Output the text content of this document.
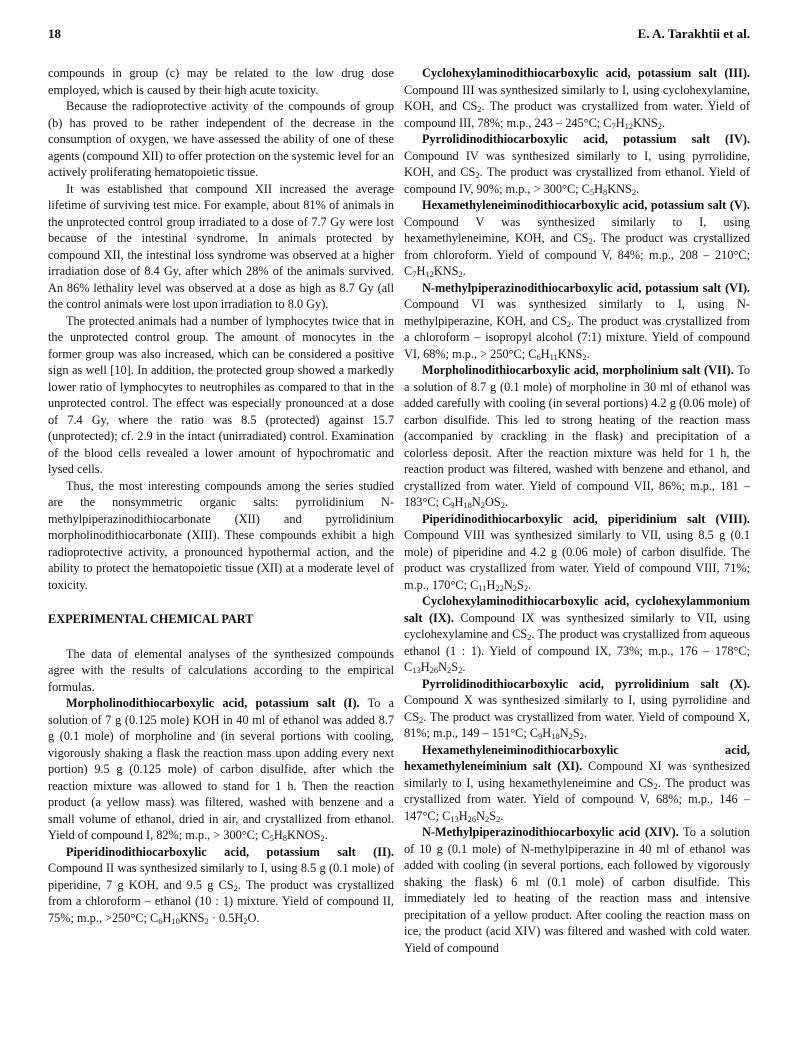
18	E. A. Tarakhtii et al.

compounds in group (c) may be related to the low drug dose employed, which is caused by their high acute toxicity.

Because the radioprotective activity of the compounds of group (b) has proved to be rather independent of the decrease in the consumption of oxygen, we have assessed the ability of one of these agents (compound XII) to offer protection on the systemic level for an actively proliferating hematopoietic tissue.

It was established that compound XII increased the average lifetime of surviving test mice. For example, about 81% of animals in the unprotected control group irradiated to a dose of 7.7 Gy were lost because of the intestinal syndrome. In animals protected by compound XII, the intestinal loss syndrome was observed at a higher irradiation dose of 8.4 Gy, after which 28% of the animals survived. An 86% lethality level was observed at a dose as high as 8.7 Gy (all the control animals were lost upon irradiation to 8.0 Gy).

The protected animals had a number of lymphocytes twice that in the unprotected control group. The amount of monocytes in the former group was also increased, which can be considered a positive sign as well [10]. In addition, the protected group showed a markedly lower ratio of lymphocytes to neutrophiles as compared to that in the unprotected control. The effect was especially pronounced at a dose of 7.4 Gy, where the ratio was 8.5 (protected) against 15.7 (unprotected); cf. 2.9 in the intact (unirradiated) control. Examination of the blood cells revealed a lower amount of hypochromatic and lysed cells.

Thus, the most interesting compounds among the series studied are the nonsymmetric organic salts: pyrrolidinium N-methylpiperazinodithiocarbonate (XII) and pyrrolidinium morpholinodithiocarbonate (XIII). These compounds exhibit a high radioprotective activity, a pronounced hypothermal action, and the ability to protect the hematopoietic tissue (XII) at a moderate level of toxicity.

EXPERIMENTAL CHEMICAL PART

The data of elemental analyses of the synthesized compounds agree with the results of calculations according to the empirical formulas.

Morpholinodithiocarboxylic acid, potassium salt (I). To a solution of 7 g (0.125 mole) KOH in 40 ml of ethanol was added 8.7 g (0.1 mole) of morpholine and (in several portions with cooling, vigorously shaking a flask the reaction mass upon adding every next portion) 9.5 g (0.125 mole) of carbon disulfide, after which the reaction mixture was allowed to stand for 1 h. Then the reaction product (a yellow mass) was filtered, washed with benzene and a small volume of ethanol, dried in air, and crystallized from ethanol. Yield of compound I, 82%; m.p., > 300°C; $C_5H_8KNOS_2$.

Piperidinodithiocarboxylic acid, potassium salt (II). Compound II was synthesized similarly to I, using 8.5 g (0.1 mole) of piperidine, 7 g KOH, and 9.5 g $CS_2$. The product was crystallized from a chloroform – ethanol (10 : 1) mixture. Yield of compound II, 75%; m.p., >250°C; $C_6H_{10}KNS_2 \cdot 0.5H_2O$.

Cyclohexylaminodithiocarboxylic acid, potassium salt (III). Compound III was synthesized similarly to I, using cyclohexylamine, KOH, and $CS_2$. The product was crystallized from water. Yield of compound III, 78%; m.p., 243 – 245°C; $C_7H_{12}KNS_2$.

Pyrrolidinodithiocarboxylic acid, potassium salt (IV). Compound IV was synthesized similarly to I, using pyrrolidine, KOH, and $CS_2$. The product was crystallized from ethanol. Yield of compound IV, 90%; m.p., > 300°C; $C_5H_8KNS_2$.

Hexamethyleneiminodithiocarboxylic acid, potassium salt (V). Compound V was synthesized similarly to I, using hexamethyleneimine, KOH, and $CS_2$. The product was crystallized from chloroform. Yield of compound V, 84%; m.p., 208 – 210°C; $C_7H_{12}KNS_2$.

N-methylpiperazinodithiocarboxylic acid, potassium salt (VI). Compound VI was synthesized similarly to I, using N-methylpiperazine, KOH, and $CS_2$. The product was crystallized from a chloroform – isopropyl alcohol (7:1) mixture. Yield of compound VI, 68%; m.p., > 250°C; $C_6H_{11}KNS_2$.

Morpholinodithiocarboxylic acid, morpholinium salt (VII). To a solution of 8.7 g (0.1 mole) of morpholine in 30 ml of ethanol was added carefully with cooling (in several portions) 4.2 g (0.06 mole) of carbon disulfide. This led to strong heating of the reaction mass (accompanied by crackling in the flask) and precipitation of a colorless deposit. After the reaction mixture was held for 1 h, the reaction product was filtered, washed with benzene and ethanol, and crystallized from water. Yield of compound VII, 86%; m.p., 181 – 183°C; $C_9H_{18}N_2OS_2$.

Piperidinodithiocarboxylic acid, piperidinium salt (VIII). Compound VIII was synthesized similarly to VII, using 8.5 g (0.1 mole) of piperidine and 4.2 g (0.06 mole) of carbon disulfide. The product was crystallized from water. Yield of compound VIII, 71%; m.p., 170°C; $C_{11}H_{22}N_2S_2$.

Cyclohexylaminodithiocarboxylic acid, cyclohexylammonium salt (IX). Compound IX was synthesized similarly to VII, using cyclohexylamine and $CS_2$. The product was crystallized from aqueous ethanol (1 : 1). Yield of compound IX, 73%; m.p., 176 – 178°C; $C_{13}H_{26}N_2S_2$.

Pyrrolidinodithiocarboxylic acid, pyrrolidinium salt (X). Compound X was synthesized similarly to I, using pyrrolidine and $CS_2$. The product was crystallized from water. Yield of compound X, 81%; m.p., 149 – 151°C; $C_9H_{18}N_2S_2$.

Hexamethyleneiminodithiocarboxylic acid, hexamethyleneiminium salt (XI). Compound XI was synthesized similarly to I, using hexamethyleneimine and $CS_2$. The product was crystallized from water. Yield of compound V, 68%; m.p., 146 – 147°C; $C_{13}H_{26}N_2S_2$.

N-Methylpiperazinodithiocarboxylic acid (XIV). To a solution of 10 g (0.1 mole) of N-methylpiperazine in 40 ml of ethanol was added with cooling (in several portions, each followed by vigorously shaking the flask) 6 ml (0.1 mole) of carbon disulfide. This immediately led to heating of the reaction mass and intensive precipitation of a yellow product. After cooling the reaction mass on ice, the product (acid XIV) was filtered and washed with cold water. Yield of compound
